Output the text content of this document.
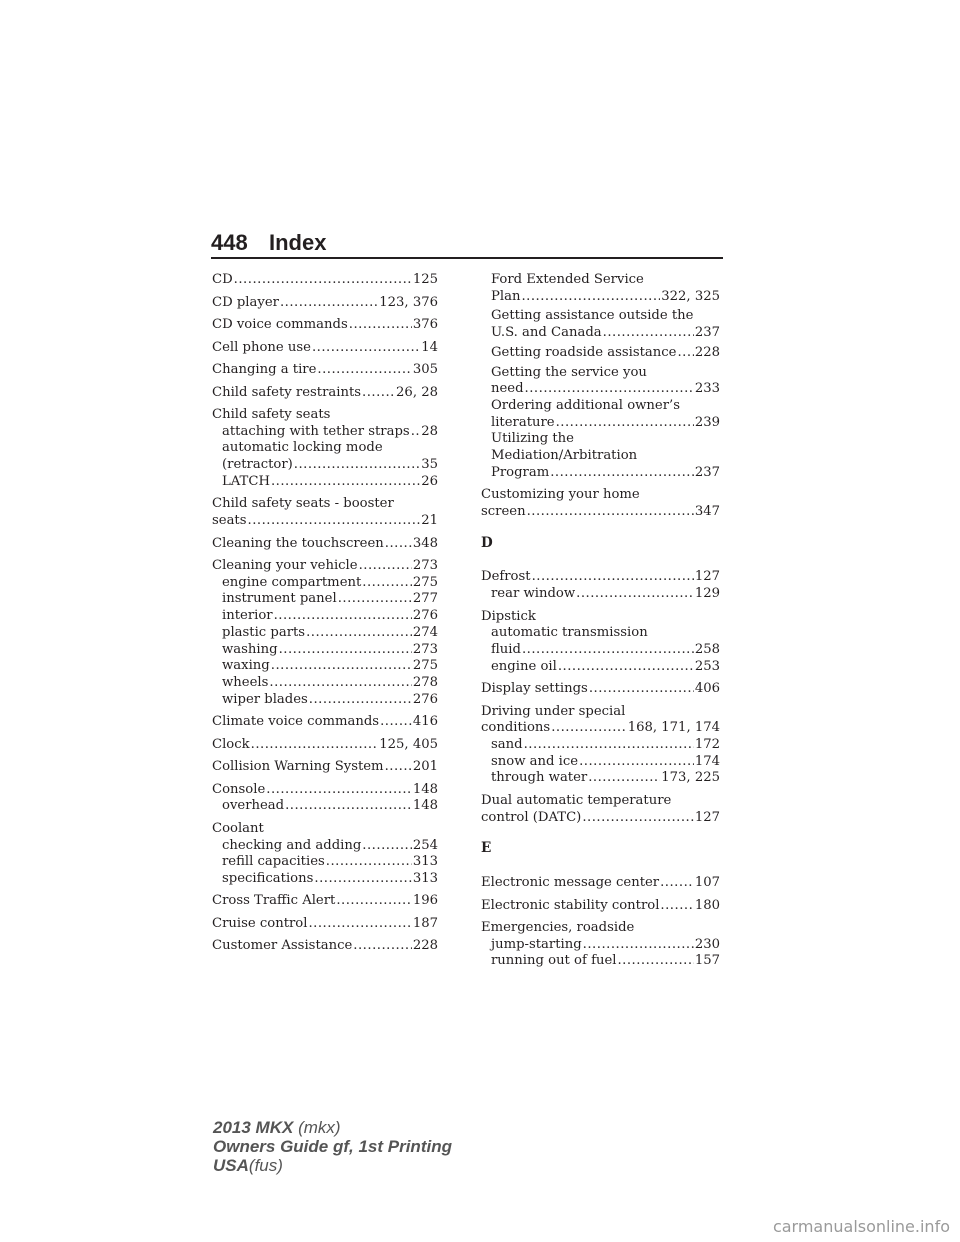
448 Index
CD .....	125
CD player .....	123, 376
CD voice commands .....	376
Cell phone use .....	14
Changing a tire .....	305
Child safety restraints .....	26, 28
Child safety seats
attaching with tether straps ..... 28
automatic locking mode
(retractor) .....	35
LATCH .....	26
Child safety seats - booster
seats .....	21
Cleaning the touchscreen ..... 348
Cleaning your vehicle .....	273
engine compartment .....	275
instrument panel .....	277
interior .....	276
plastic parts .....	274
washing .....	273
waxing .....	275
wheels .....	278
wiper blades .....	276
Climate voice commands .....	416
Clock .....	125, 405
Collision Warning System ..... 201
Console .....	148
overhead .....	148
Coolant
checking and adding .....	254
refill capacities .....	313
specifications .....	313
Cross Traffic Alert .....	196
Cruise control .....	187
Customer Assistance .....	228
Ford Extended Service
Plan .....	322, 325
Getting assistance outside the
U.S. and Canada .....	237
Getting roadside assistance ..... 228
Getting the service you
need .....	233
Ordering additional owner’s
literature .....	239
Utilizing the
Mediation/Arbitration
Program .....	237
Customizing your home
screen .....	347
D
Defrost .....	127
rear window .....	129
Dipstick
automatic transmission
fluid .....	258
engine oil .....	253
Display settings .....	406
Driving under special
conditions .....	168, 171, 174
sand .....	172
snow and ice .....	174
through water .....	173, 225
Dual automatic temperature
control (DATC) .....	127
E
Electronic message center .....	107
Electronic stability control .....	180
Emergencies, roadside
jump-starting .....	230
running out of fuel .....	157
2013 MKX (mkx)
Owners Guide gf, 1st Printing
USA(fus)
carmanualsonline.info
